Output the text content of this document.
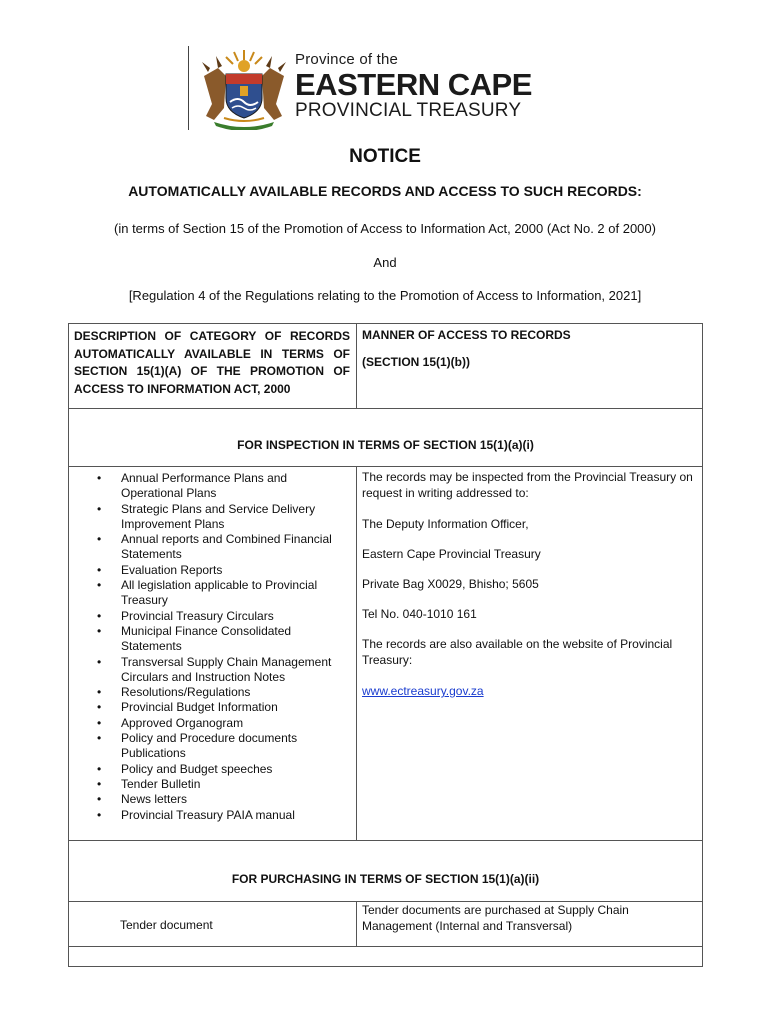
Province of the
EASTERN CAPE
PROVINCIAL TREASURY
NOTICE
AUTOMATICALLY AVAILABLE RECORDS AND ACCESS TO SUCH RECORDS:
(in terms of Section 15 of the Promotion of Access to Information Act, 2000 (Act No. 2 of 2000)
And
[Regulation 4 of the Regulations relating to the Promotion of Access to Information, 2021]
DESCRIPTION OF CATEGORY OF RECORDS AUTOMATICALLY AVAILABLE IN TERMS OF SECTION 15(1)(A) OF THE PROMOTION OF ACCESS TO INFORMATION ACT, 2000
MANNER OF ACCESS TO RECORDS
(SECTION 15(1)(b))
FOR INSPECTION IN TERMS OF SECTION 15(1)(a)(i)
• Annual Performance Plans and Operational Plans
• Strategic Plans and Service Delivery Improvement Plans
• Annual reports and Combined Financial Statements
• Evaluation Reports
• All legislation applicable to Provincial Treasury
• Provincial Treasury Circulars
• Municipal Finance Consolidated Statements
• Transversal Supply Chain Management Circulars and Instruction Notes
• Resolutions/Regulations
• Provincial Budget Information
• Approved Organogram
• Policy and Procedure documents Publications
• Policy and Budget speeches
• Tender Bulletin
• News letters
• Provincial Treasury PAIA manual
The records may be inspected from the Provincial Treasury on request in writing addressed to:
The Deputy Information Officer,
Eastern Cape Provincial Treasury
Private Bag X0029, Bhisho; 5605
Tel No. 040-1010 161
The records are also available on the website of Provincial Treasury:
www.ectreasury.gov.za
FOR PURCHASING IN TERMS OF SECTION 15(1)(a)(ii)
Tender document
Tender documents are purchased at Supply Chain Management (Internal and Transversal)
